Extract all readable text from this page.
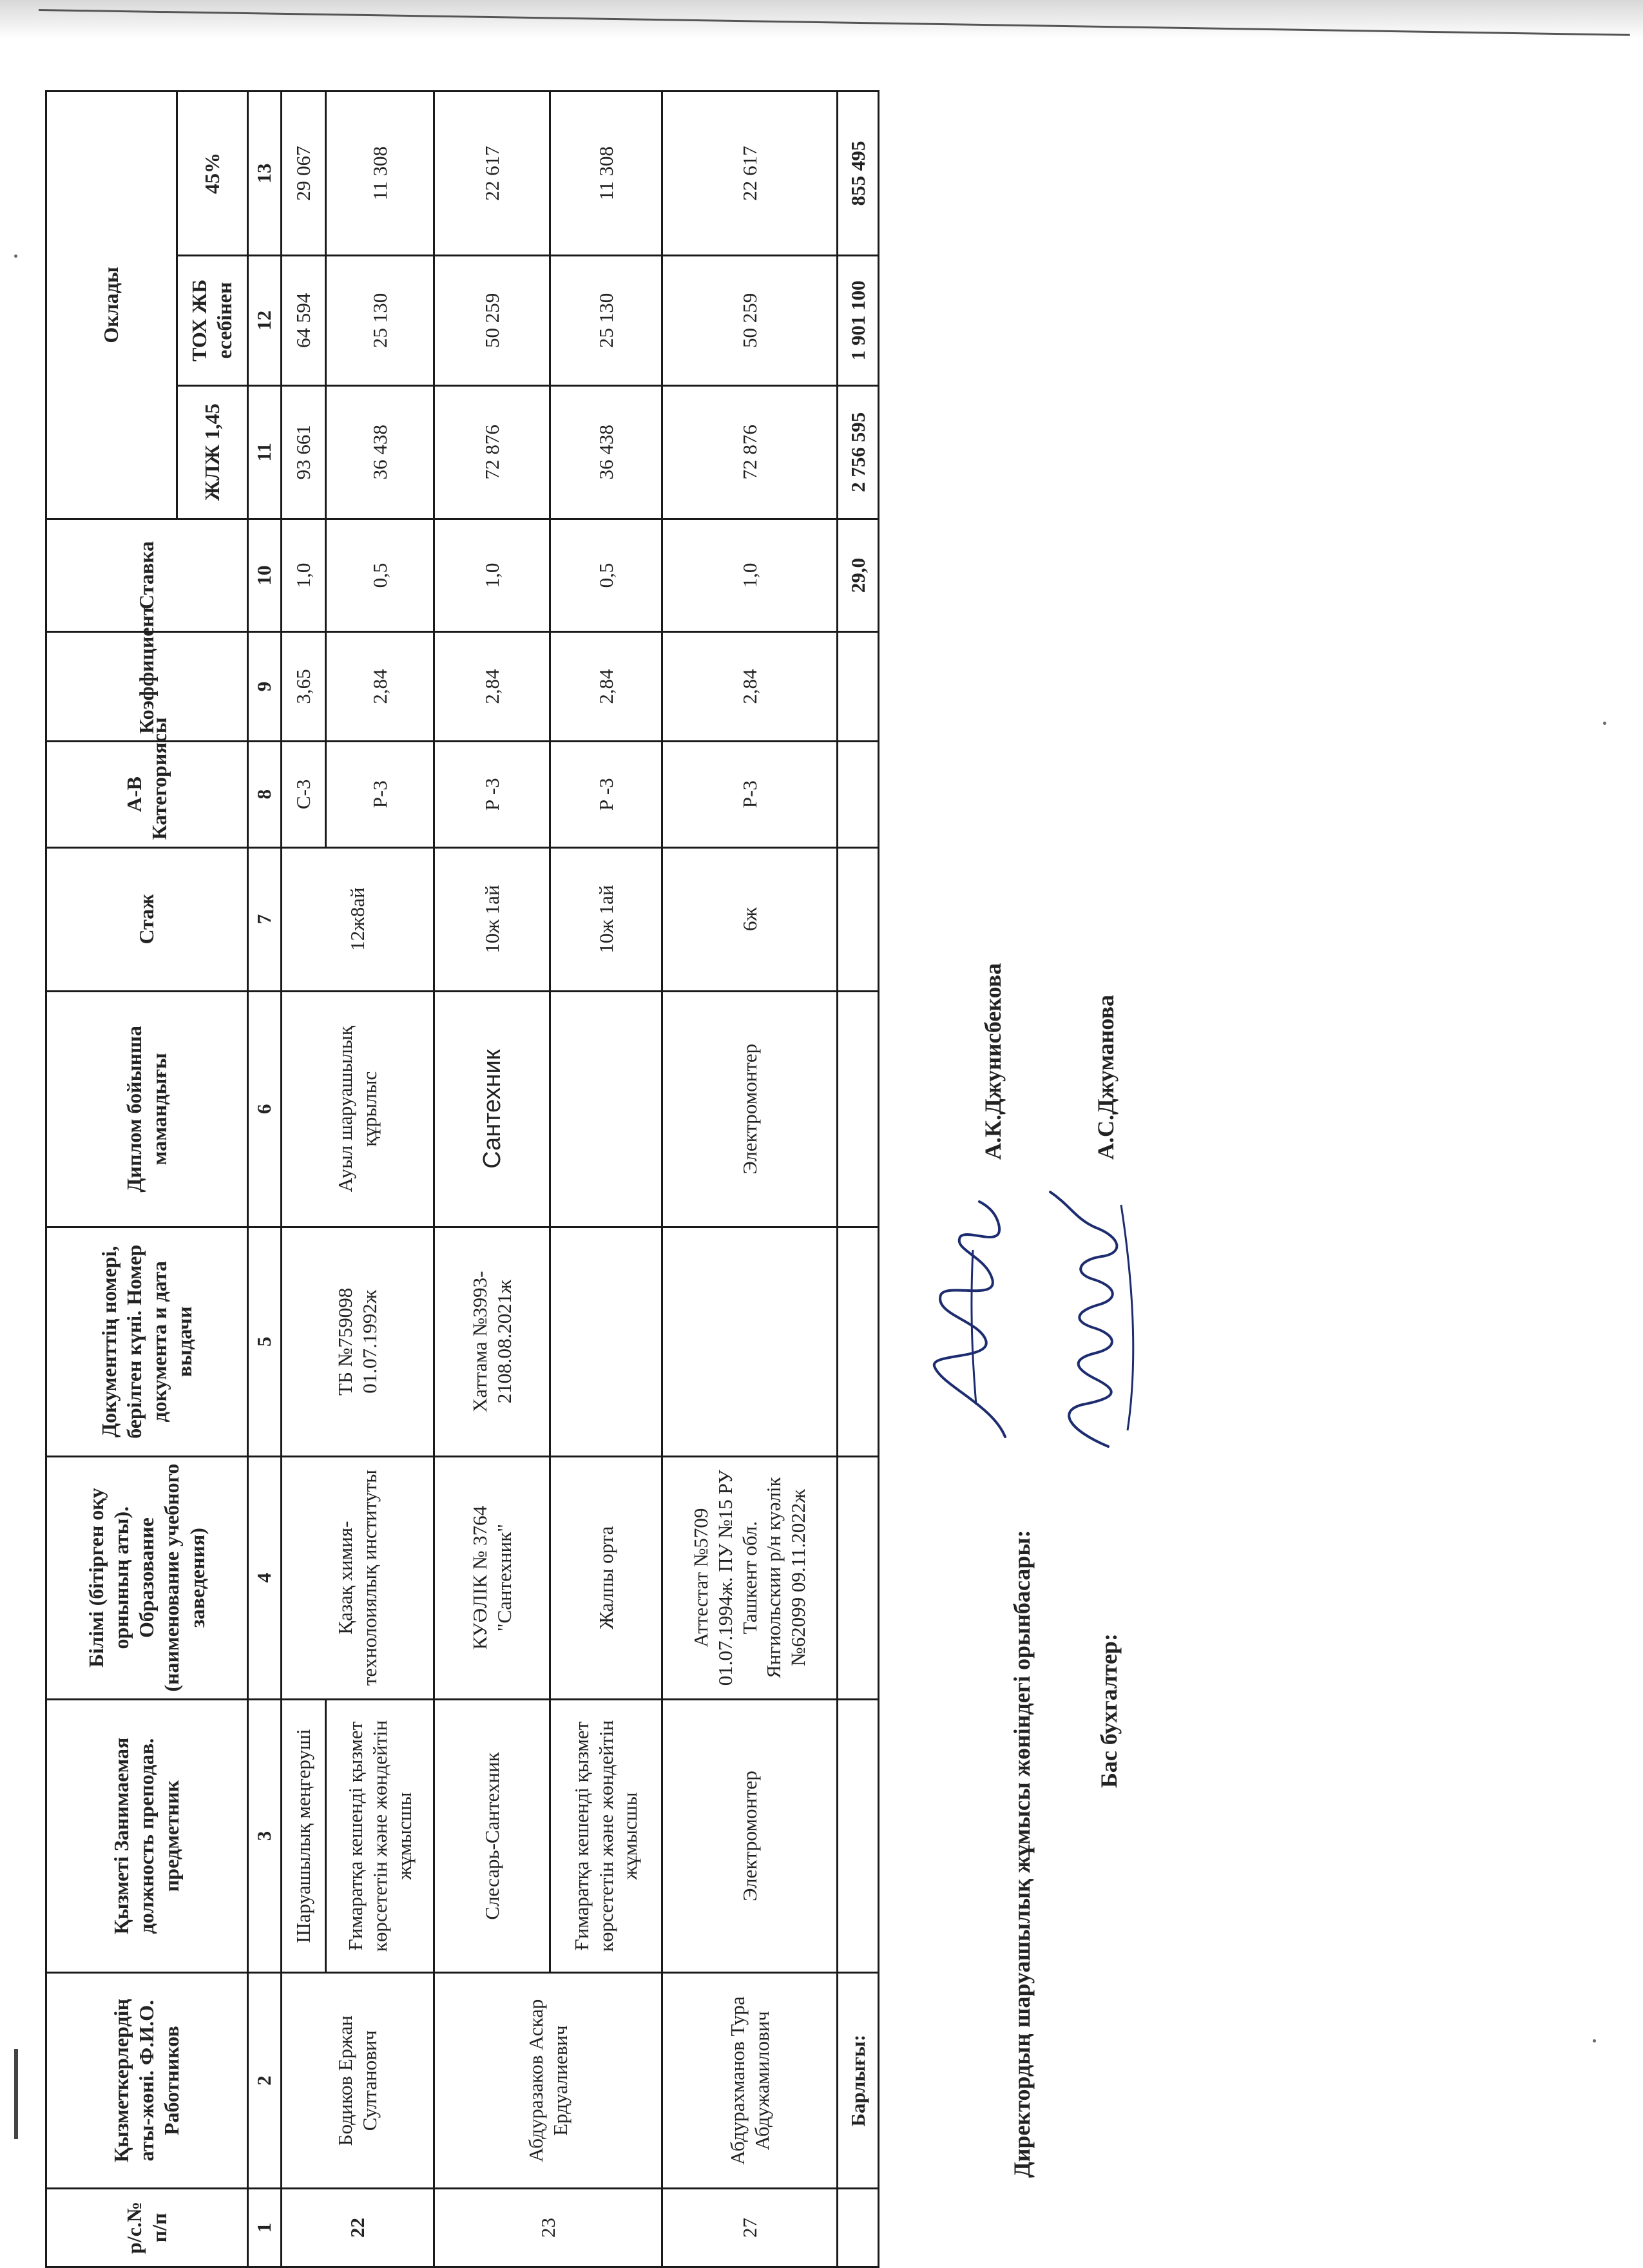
р/с.№ п/п	Қызметкерлердің аты-жөні. Ф.И.О. Работников	Қызметі Занимаемая должность преподав. предметник	Білімі (бітірген оқу орнының аты). Образование (наименование учебного заведения)	Документтің номері, берілген күні. Номер документа и дата выдачи	Диплом бойынша мамандығы	Стаж	А-В Категориясы	Коэффициент	Ставка	Оклады		
										ЖЛЖ 1,45	ТОХ ЖБ есебінен	45%
1	2	3	4	5	6	7	8	9	10	11	12	13
22	Бодиков Ержан Султанович	Шаруашылық меңгеруші	Қазақ химия-технолоиялық институты	ТБ №759098 01.07.1992ж	Ауыл шаруашылық құрылыс	12ж8ай	С-3	3,65	1,0	93 661	64 594	29 067
		Ғимаратқа кешенді қызмет көрсететін және жөндейтін жұмысшы					Р-3	2,84	0,5	36 438	25 130	11 308
23	Абдуразаков Аскар Ердуалиевич	Слесарь-Сантехник	КУӘЛІК № 3764 "Сантехник"	Хаттама №3993-2108.08.2021ж	Сантехник	10ж 1ай	Р -3	2,84	1,0	72 876	50 259	22 617
		Ғимаратқа кешенді қызмет көрсететін және жөндейтін жұмысшы	Жалпы орта			10ж 1ай	Р -3	2,84	0,5	36 438	25 130	11 308
27	Абдурахманов Тура Абдужамилович	Электромонтер	Аттестат №5709 01.07.1994ж. ПУ №15 РУ Ташкент обл. Янгиольскии р/н куәлік №62099 09.11.2022ж		Электромонтер	6ж	Р-3	2,84	1,0	72 876	50 259	22 617
	Барлығы:								29,0	2 756 595	1 901 100	855 495
Директордың шаруашылық жұмысы жөніндегі орынбасары:
А.К.Джунисбекова
Бас бухгалтер:
А.С.Джуманова
